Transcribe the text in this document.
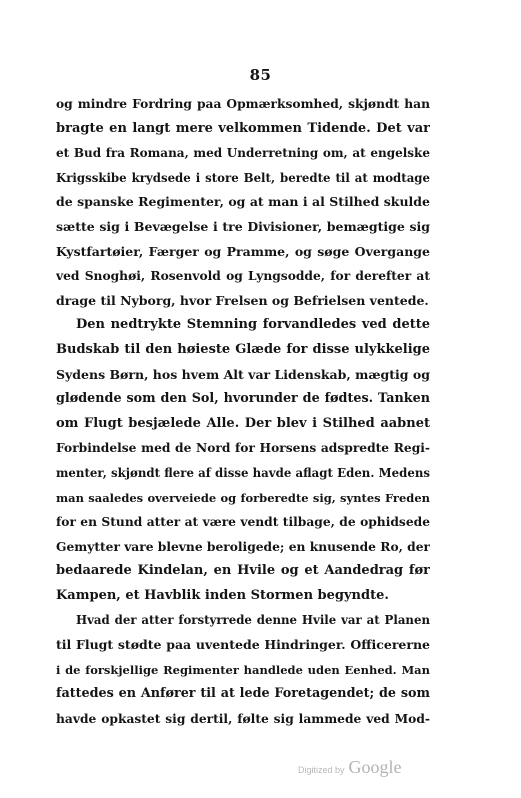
85
og mindre Fordring paa Opmærksomhed, skjøndt han
bragte en langt mere velkommen Tidende. Det var
et Bud fra Romana, med Underretning om, at engelske
Krigsskibe krydsede i store Belt, beredte til at modtage
de spanske Regimenter, og at man i al Stilhed skulde
sætte sig i Bevægelse i tre Divisioner, bemægtige sig
Kystfartøier, Færger og Pramme, og søge Overgange
ved Snoghøi, Rosenvold og Lyngsodde, for derefter at
drage til Nyborg, hvor Frelsen og Befrielsen ventede.
Den nedtrykte Stemning forvandledes ved dette
Budskab til den høieste Glæde for disse ulykkelige
Sydens Børn, hos hvem Alt var Lidenskab, mægtig og
glødende som den Sol, hvorunder de fødtes. Tanken
om Flugt besjælede Alle. Der blev i Stilhed aabnet
Forbindelse med de Nord for Horsens adspredte Regi-
menter, skjøndt flere af disse havde aflagt Eden. Medens
man saaledes overveiede og forberedte sig, syntes Freden
for en Stund atter at være vendt tilbage, de ophidsede
Gemytter vare blevne beroligede; en knusende Ro, der
bedaarede Kindelan, en Hvile og et Aandedrag før
Kampen, et Havblik inden Stormen begyndte.
Hvad der atter forstyrrede denne Hvile var at Planen
til Flugt stødte paa uventede Hindringer. Officererne
i de forskjellige Regimenter handlede uden Eenhed. Man
fattedes en Anfører til at lede Foretagendet; de som
havde opkastet sig dertil, følte sig lammede ved Mod-
Digitized by Google
